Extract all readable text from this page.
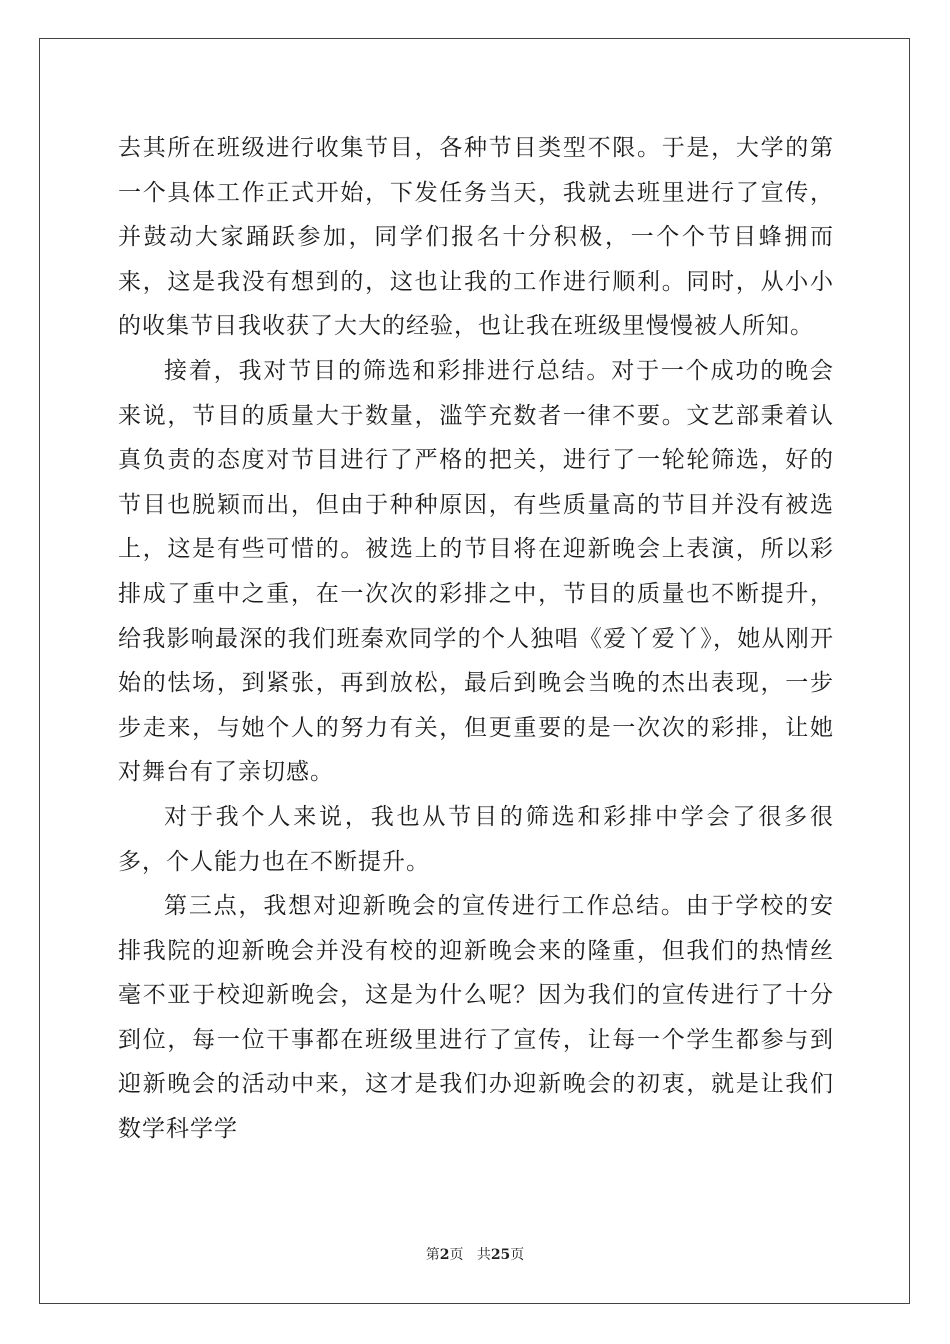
去其所在班级进行收集节目，各种节目类型不限。于是，大学的第一个具体工作正式开始，下发任务当天，我就去班里进行了宣传，并鼓动大家踊跃参加，同学们报名十分积极，一个个节目蜂拥而来，这是我没有想到的，这也让我的工作进行顺利。同时，从小小的收集节目我收获了大大的经验，也让我在班级里慢慢被人所知。

接着，我对节目的筛选和彩排进行总结。对于一个成功的晚会来说，节目的质量大于数量，滥竽充数者一律不要。文艺部秉着认真负责的态度对节目进行了严格的把关，进行了一轮轮筛选，好的节目也脱颖而出，但由于种种原因，有些质量高的节目并没有被选上，这是有些可惜的。被选上的节目将在迎新晚会上表演，所以彩排成了重中之重，在一次次的彩排之中，节目的质量也不断提升，给我影响最深的我们班秦欢同学的个人独唱《爱丫爱丫》，她从刚开始的怯场，到紧张，再到放松，最后到晚会当晚的杰出表现，一步步走来，与她个人的努力有关，但更重要的是一次次的彩排，让她对舞台有了亲切感。

对于我个人来说，我也从节目的筛选和彩排中学会了很多很多，个人能力也在不断提升。

第三点，我想对迎新晚会的宣传进行工作总结。由于学校的安排我院的迎新晚会并没有校的迎新晚会来的隆重，但我们的热情丝毫不亚于校迎新晚会，这是为什么呢？因为我们的宣传进行了十分到位，每一位干事都在班级里进行了宣传，让每一个学生都参与到迎新晚会的活动中来，这才是我们办迎新晚会的初衷，就是让我们数学科学学

第2页 共25页
